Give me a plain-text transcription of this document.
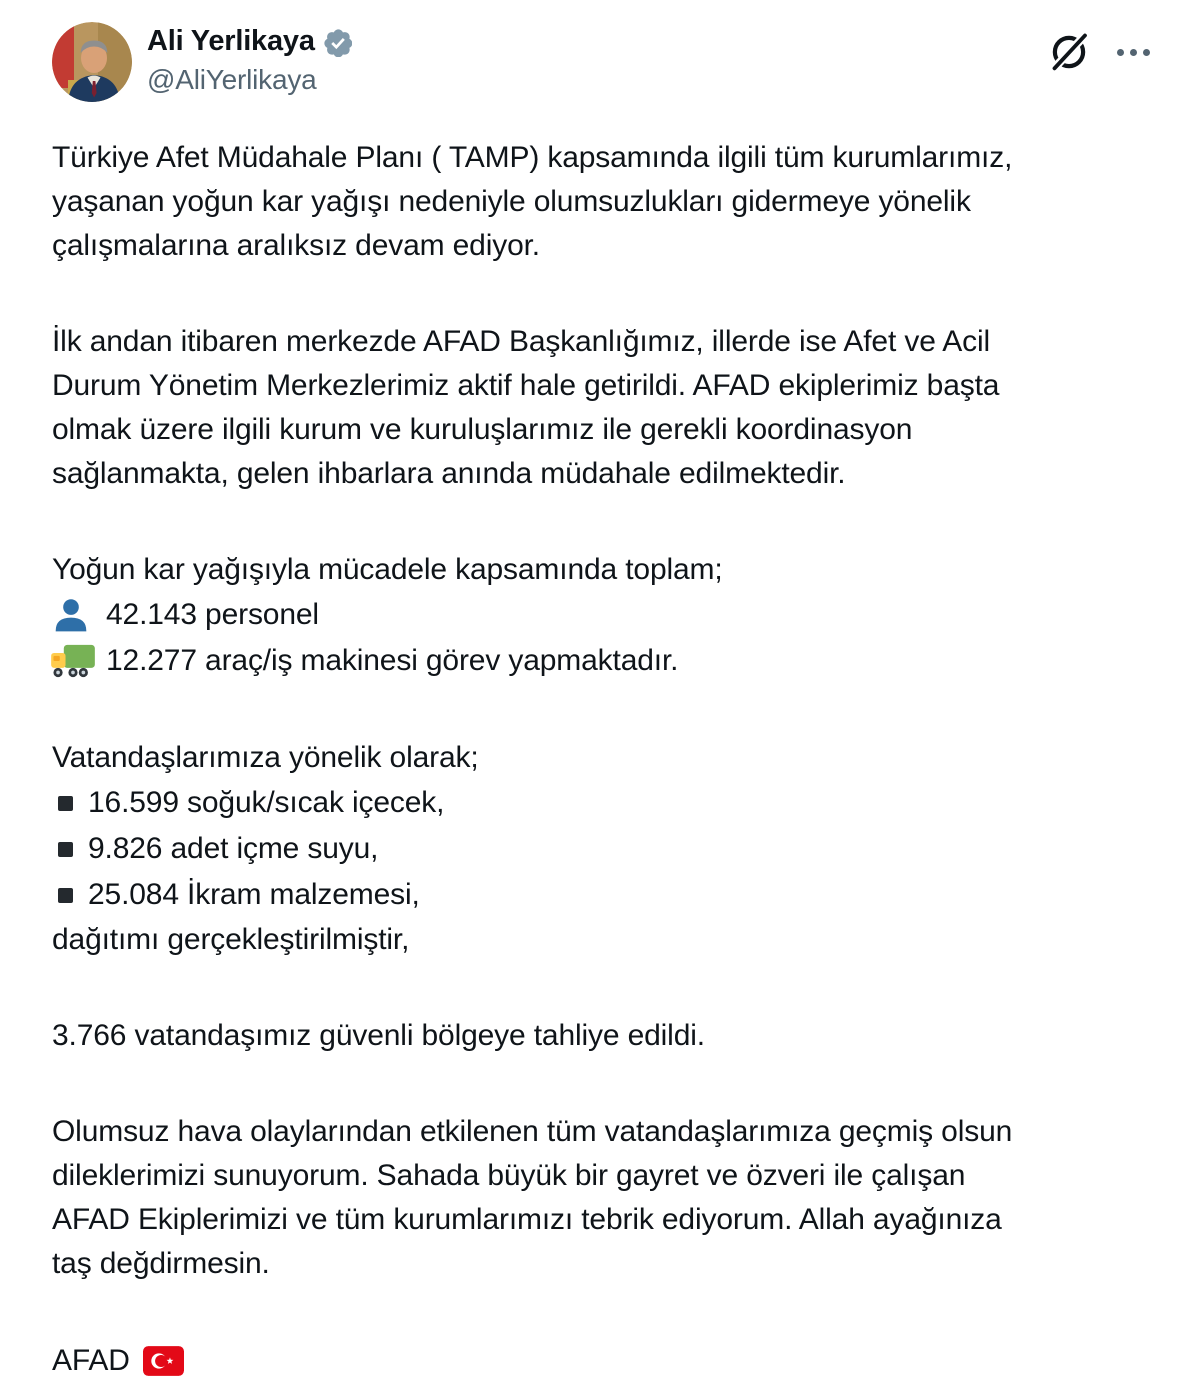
Ali Yerlikaya
@AliYerlikaya
Türkiye Afet Müdahale Planı ( TAMP) kapsamında ilgili tüm kurumlarımız,
yaşanan yoğun kar yağışı nedeniyle olumsuzlukları gidermeye yönelik
çalışmalarına aralıksız devam ediyor.
İlk andan itibaren merkezde AFAD Başkanlığımız, illerde ise Afet ve Acil
Durum Yönetim Merkezlerimiz aktif hale getirildi. AFAD ekiplerimiz başta
olmak üzere ilgili kurum ve kuruluşlarımız ile gerekli koordinasyon
sağlanmakta, gelen ihbarlara anında müdahale edilmektedir.
Yoğun kar yağışıyla mücadele kapsamında toplam;
42.143 personel
12.277 araç/iş makinesi görev yapmaktadır.
Vatandaşlarımıza yönelik olarak;
16.599 soğuk/sıcak içecek,
9.826 adet içme suyu,
25.084 İkram malzemesi,
dağıtımı gerçekleştirilmiştir,
3.766 vatandaşımız güvenli bölgeye tahliye edildi.
Olumsuz hava olaylarından etkilenen tüm vatandaşlarımıza geçmiş olsun
dileklerimizi sunuyorum. Sahada büyük bir gayret ve özveri ile çalışan
AFAD Ekiplerimizi ve tüm kurumlarımızı tebrik ediyorum. Allah ayağınıza
taş değdirmesin.
AFAD
